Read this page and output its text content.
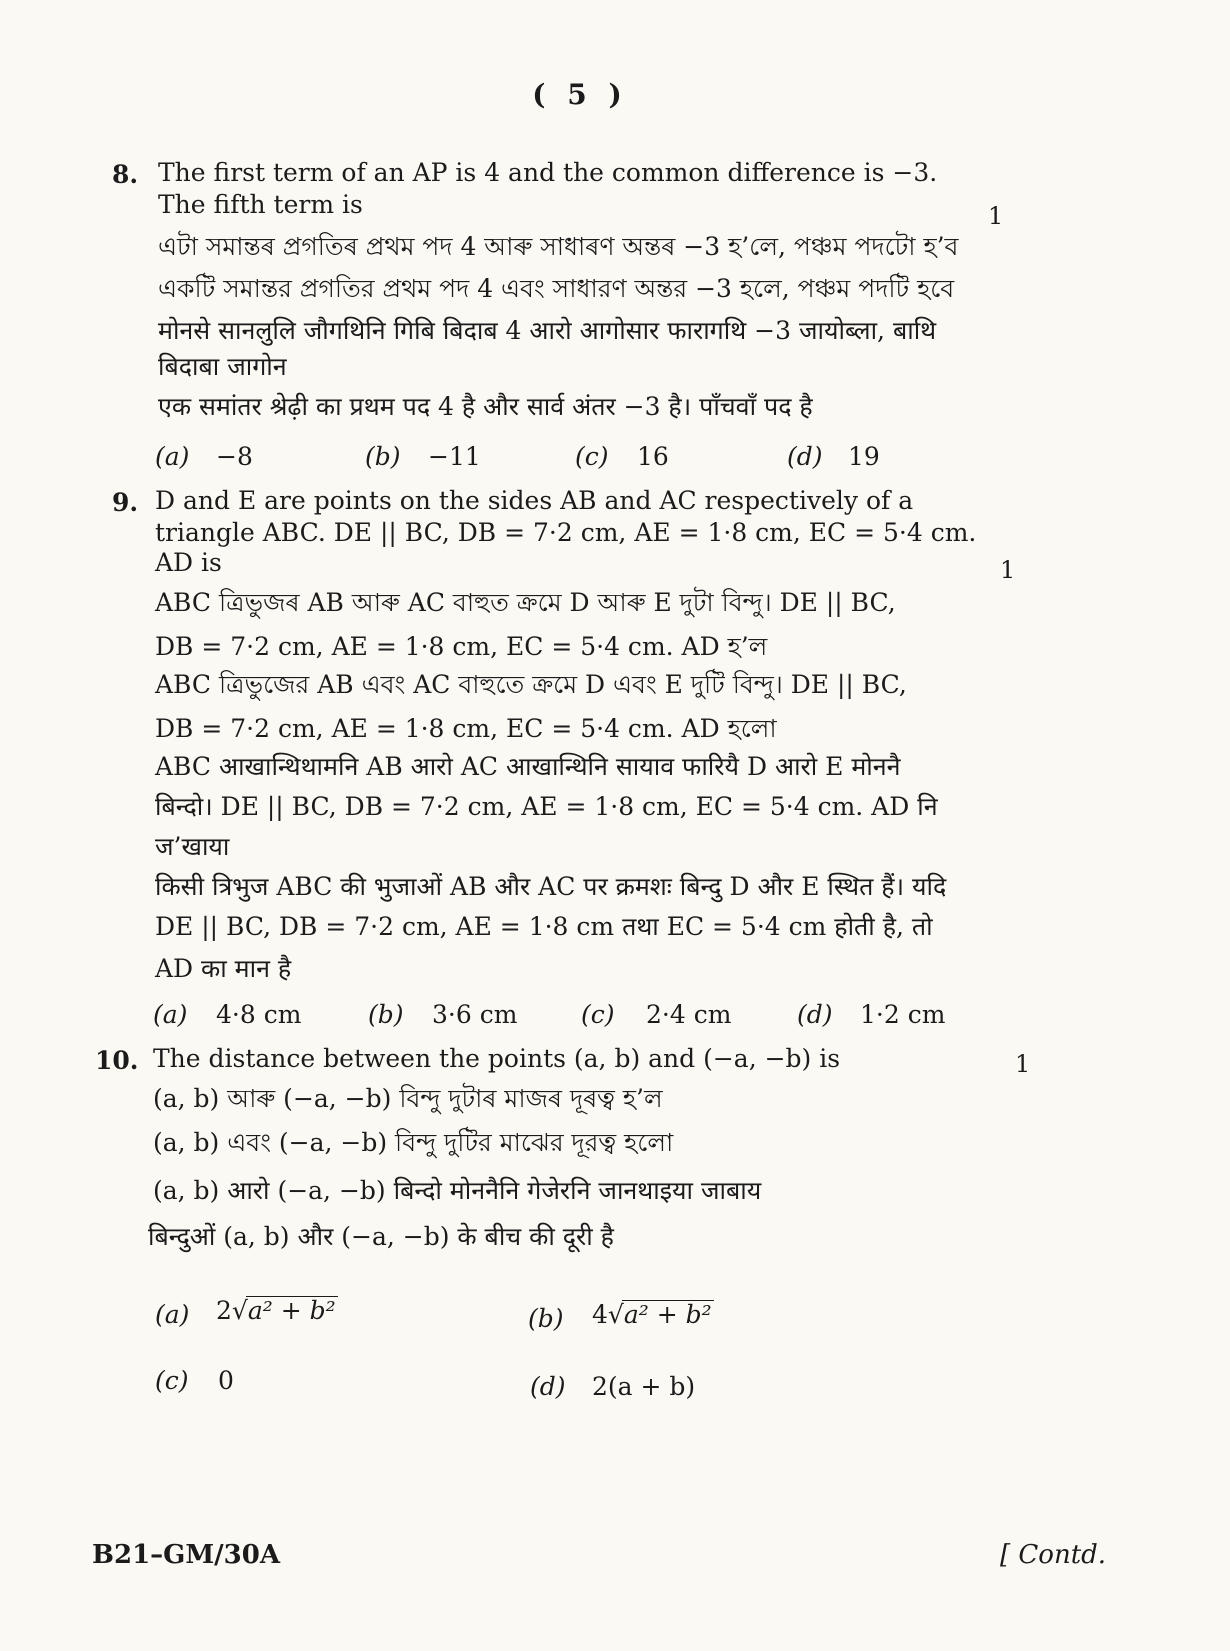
( 5 )
8. The first term of an AP is 4 and the common difference is −3.
The fifth term is	1
এটা সমান্তৰ প্ৰগতিৰ প্ৰথম পদ 4 আৰু সাধাৰণ অন্তৰ −3 হ’লে, পঞ্চম পদটো হ’ব
একটি সমান্তর প্রগতির প্রথম পদ 4 এবং সাধারণ অন্তর −3 হলে, পঞ্চম পদটি হবে
मोनसे सानलुलि जौगथिनि गिबि बिदाब 4 आरो आगोसार फारागथि −3 जायोब्ला, बाथि
बिदाबा जागोन
एक समांतर श्रेढ़ी का प्रथम पद 4 है और सार्व अंतर −3 है। पाँचवाँ पद है
(a) −8	(b) −11	(c) 16	(d) 19
9. D and E are points on the sides AB and AC respectively of a
triangle ABC. DE || BC, DB = 7·2 cm, AE = 1·8 cm, EC = 5·4 cm.
AD is	1
ABC ত্ৰিভুজৰ AB আৰু AC বাহুত ক্ৰমে D আৰু E দুটা বিন্দু। DE || BC,
DB = 7·2 cm, AE = 1·8 cm, EC = 5·4 cm. AD হ’ল
ABC ত্রিভুজের AB এবং AC বাহুতে ক্রমে D এবং E দুটি বিন্দু। DE || BC,
DB = 7·2 cm, AE = 1·8 cm, EC = 5·4 cm. AD হলো
ABC आखान्थिथामनि AB आरो AC आखान्थिनि सायाव फारियै D आरो E मोननै
बिन्दो। DE || BC, DB = 7·2 cm, AE = 1·8 cm, EC = 5·4 cm. AD नि
ज’खाया
किसी त्रिभुज ABC की भुजाओं AB और AC पर क्रमशः बिन्दु D और E स्थित हैं। यदि
DE || BC, DB = 7·2 cm, AE = 1·8 cm तथा EC = 5·4 cm होती है, तो
AD का मान है
(a) 4·8 cm	(b) 3·6 cm	(c) 2·4 cm	(d) 1·2 cm
10. The distance between the points (a, b) and (−a, −b) is	1
(a, b) আৰু (−a, −b) বিন্দু দুটাৰ মাজৰ দূৰত্ব হ’ল
(a, b) এবং (−a, −b) বিন্দু দুটির মাঝের দূরত্ব হলো
(a, b) आरो (−a, −b) बिन्दो मोननैनि गेजेरनि जानथाइया जाबाय
बिन्दुओं (a, b) और (−a, −b) के बीच की दूरी है
(a) 2√a² + b²	(b) 4√a² + b²
(c) 0	(d) 2(a + b)
B21–GM/30A	[ Contd.
